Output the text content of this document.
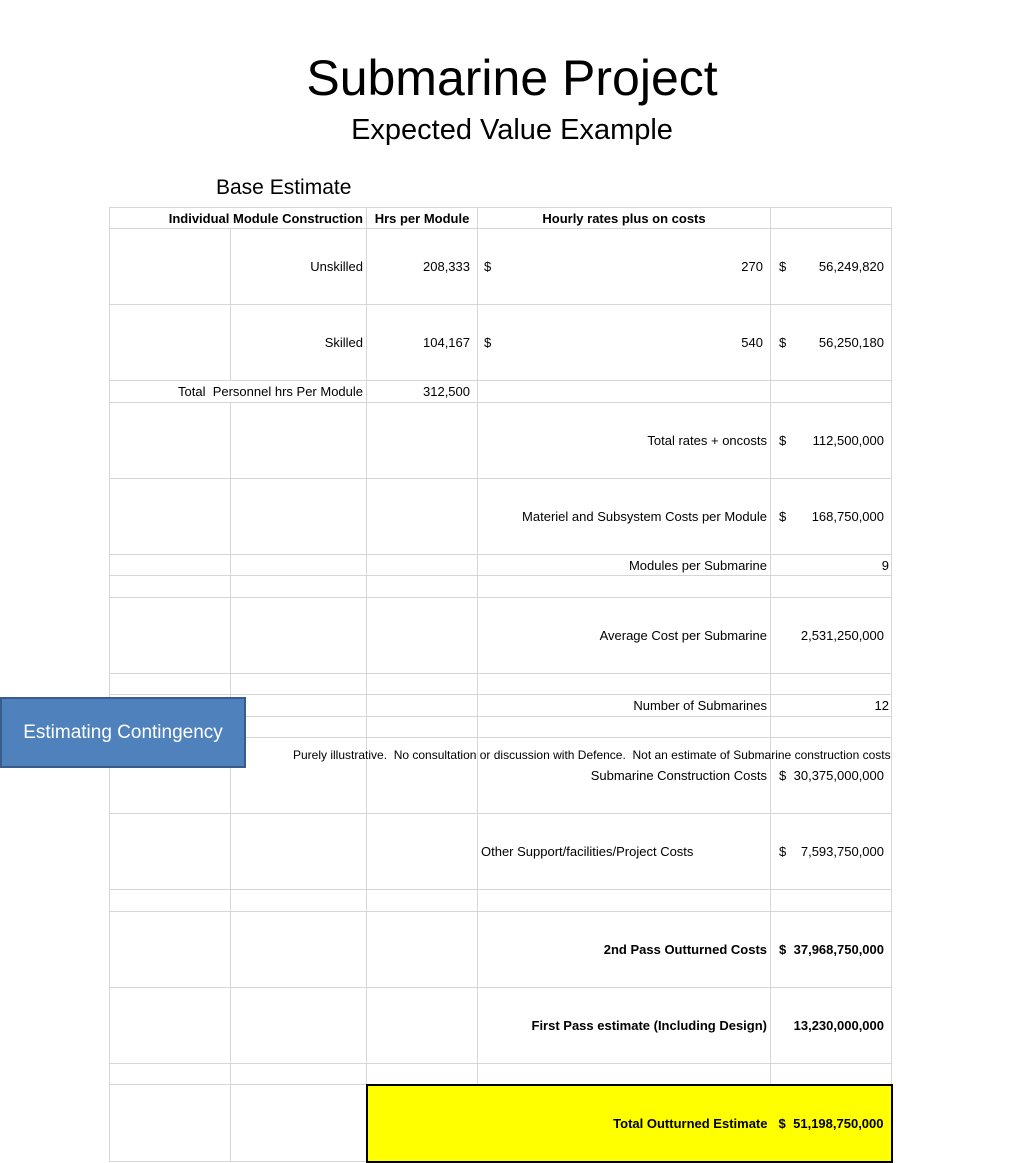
Submarine Project
Expected Value Example
Base Estimate
Individual Module Construction		Hrs per Module	Hourly rates plus on costs	
	Unskilled	208,333	$ 270	$ 56,249,820

	Skilled	104,167	$ 540	$ 56,250,180

Total  Personnel hrs Per Module		312,500		
			Total rates + oncosts	$ 112,500,000

			Materiel and Subsystem Costs per Module	$ 168,750,000

			Modules per Submarine	9

			Average Cost per Submarine	2,531,250,000

			Number of Submarines	12

			Submarine Construction Costs	$ 30,375,000,000

			Other Support/facilities/Project Costs	$ 7,593,750,000

			2nd Pass Outturned Costs	$ 37,968,750,000

			First Pass estimate (Including Design)	13,230,000,000

			Total Outturned Estimate	$ 51,198,750,000

Estimating Contingency
Purely illustrative.  No consultation or discussion with Defence.  Not an estimate of Submarine construction costs
